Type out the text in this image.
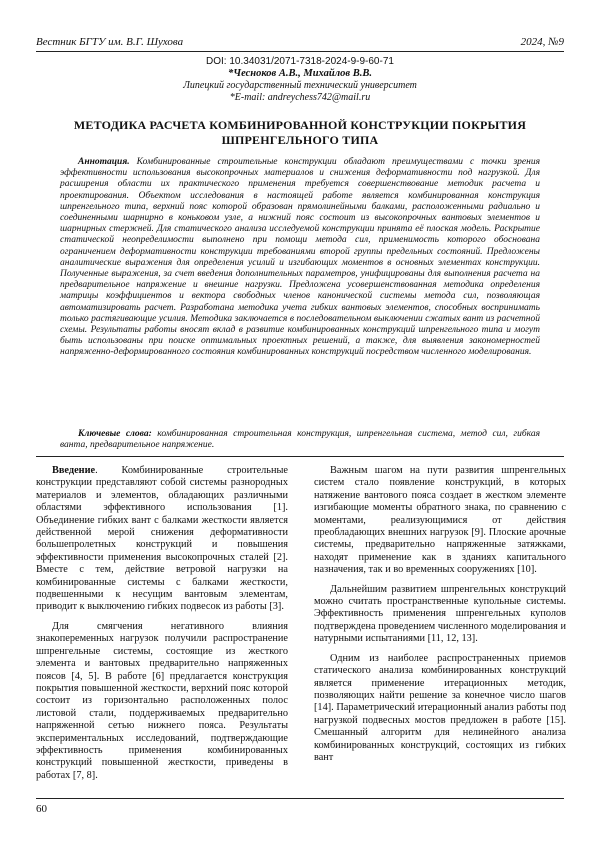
Вестник БГТУ им. В.Г. Шухова	2024, №9
DOI: 10.34031/2071-7318-2024-9-9-60-71
*Чесноков А.В., Михайлов В.В.
Липецкий государственный технический университет
*E-mail: andreychess742@mail.ru
МЕТОДИКА РАСЧЕТА КОМБИНИРОВАННОЙ КОНСТРУКЦИИ ПОКРЫТИЯ
ШПРЕНГЕЛЬНОГО ТИПА
Аннотация. Комбинированные строительные конструкции обладают преимуществами с точки зрения эффективности использования высокопрочных материалов и снижения деформативности под нагрузкой. Для расширения области их практического применения требуется совершенствование методик расчета и проектирования. Объектом исследования в настоящей работе является комбинированная конструкция шпренгельного типа, верхний пояс которой образован прямолинейными балками, расположенными радиально и соединенными шарнирно в коньковом узле, а нижний пояс состоит из высокопрочных вантовых элементов и шарнирных стержней. Для статического анализа исследуемой конструкции принята её плоская модель. Раскрытие статической неопределимости выполнено при помощи метода сил, применимость которого обоснована ограничением деформативности конструкции требованиями второй группы предельных состояний. Предложены аналитические выражения для определения усилий и изгибающих моментов в основных элементах конструкции. Полученные выражения, за счет введения дополнительных параметров, унифицированы для выполнения расчета на предварительное напряжение и внешние нагрузки. Предложена усовершенствованная методика определения матрицы коэффициентов и вектора свободных членов канонической системы метода сил, позволяющая автоматизировать расчет. Разработана методика учета гибких вантовых элементов, способных воспринимать только растягивающие усилия. Методика заключается в последовательном выключении сжатых вант из расчетной схемы. Результаты работы вносят вклад в развитие комбинированных конструкций шпренгельного типа и могут быть использованы при поиске оптимальных проектных решений, а также, для выявления закономерностей напряженно-деформированного состояния комбинированных конструкций посредством численного моделирования.
Ключевые слова: комбинированная строительная конструкция, шпренгельная система, метод сил, гибкая ванта, предварительное напряжение.

Введение. Комбинированные строительные конструкции представляют собой системы разнородных материалов и элементов, обладающих различными областями эффективного использования [1]. Объединение гибких вант с балками жесткости является действенной мерой снижения деформативности большепролетных конструкций и повышения эффективности применения высокопрочных сталей [2]. Вместе с тем, действие ветровой нагрузки на комбинированные системы с балками жесткости, подвешенными к несущим вантовым элементам, приводит к выключению гибких подвесок из работы [3].

Для смягчения негативного влияния знакопеременных нагрузок получили распространение шпренгельные системы, состоящие из жесткого элемента и вантовых предварительно напряженных поясов [4, 5]. В работе [6] предлагается конструкция покрытия повышенной жесткости, верхний пояс которой состоит из горизонтально расположенных полос листовой стали, поддерживаемых предварительно напряженной сетью нижнего пояса. Результаты экспериментальных исследований, подтверждающие эффективность применения комбинированных конструкций повышенной жесткости, приведены в работах [7, 8].

Важным шагом на пути развития шпренгельных систем стало появление конструкций, в которых натяжение вантового пояса создает в жестком элементе изгибающие моменты обратного знака, по сравнению с моментами, реализующимися от действия преобладающих внешних нагрузок [9]. Плоские арочные системы, предварительно напряженные затяжками, находят применение как в зданиях капитального назначения, так и во временных сооружениях [10].

Дальнейшим развитием шпренгельных конструкций можно считать пространственные купольные системы. Эффективность применения шпренгельных куполов подтверждена проведением численного моделирования и натурными испытаниями [11, 12, 13].

Одним из наиболее распространенных приемов статического анализа комбинированных конструкций является применение итерационных методик, позволяющих найти решение за конечное число шагов [14]. Параметрический итерационный анализ работы под нагрузкой подвесных мостов предложен в работе [15]. Смешанный алгоритм для нелинейного анализа комбинированных конструкций, состоящих из гибких вант

60
